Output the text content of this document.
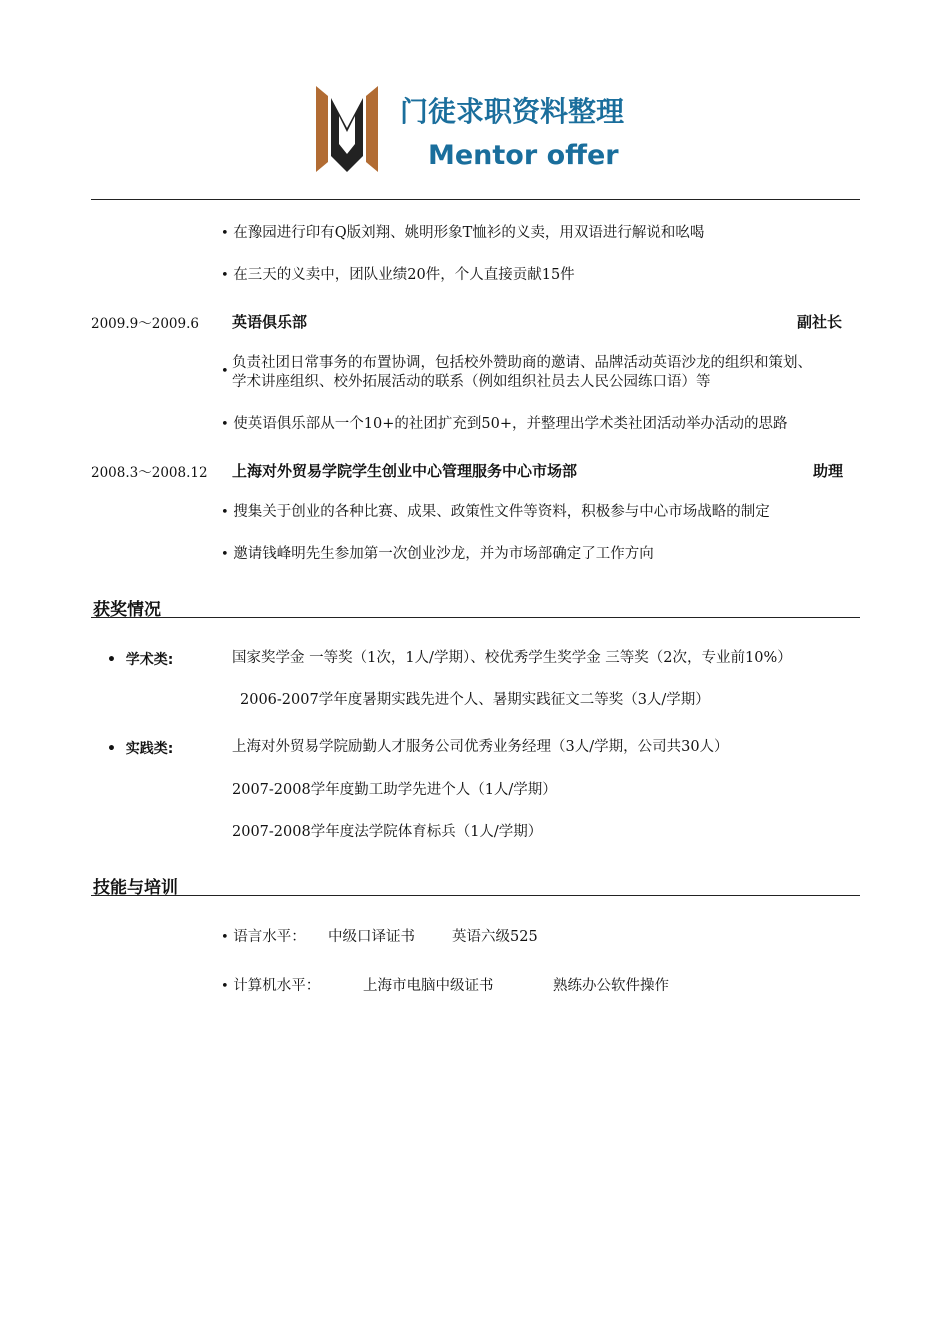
门徒求职资料整理
Mentor offer
• 在豫园进行印有Q版刘翔、姚明形象T恤衫的义卖，用双语进行解说和吆喝
• 在三天的义卖中，团队业绩20件，个人直接贡献15件
2009.9～2009.6 英语俱乐部	副社长
•
负责社团日常事务的布置协调，包括校外赞助商的邀请、品牌活动英语沙龙的组织和策划、
学术讲座组织、校外拓展活动的联系（例如组织社员去人民公园练口语）等
• 使英语俱乐部从一个10+的社团扩充到50+，并整理出学术类社团活动举办活动的思路
2008.3～2008.12 上海对外贸易学院学生创业中心管理服务中心市场部	助理
• 搜集关于创业的各种比赛、成果、政策性文件等资料，积极参与中心市场战略的制定
• 邀请钱峰明先生参加第一次创业沙龙，并为市场部确定了工作方向
获奖情况
• 学术类:	国家奖学金 一等奖（1次，1人/学期）、校优秀学生奖学金 三等奖（2次，专业前10%）
2006-2007学年度暑期实践先进个人、暑期实践征文二等奖（3人/学期）
• 实践类:	上海对外贸易学院励勤人才服务公司优秀业务经理（3人/学期，公司共30人）
2007-2008学年度勤工助学先进个人（1人/学期）
2007-2008学年度法学院体育标兵（1人/学期）
技能与培训
• 语言水平： 中级口译证书	英语六级525
• 计算机水平：	上海市电脑中级证书	熟练办公软件操作
